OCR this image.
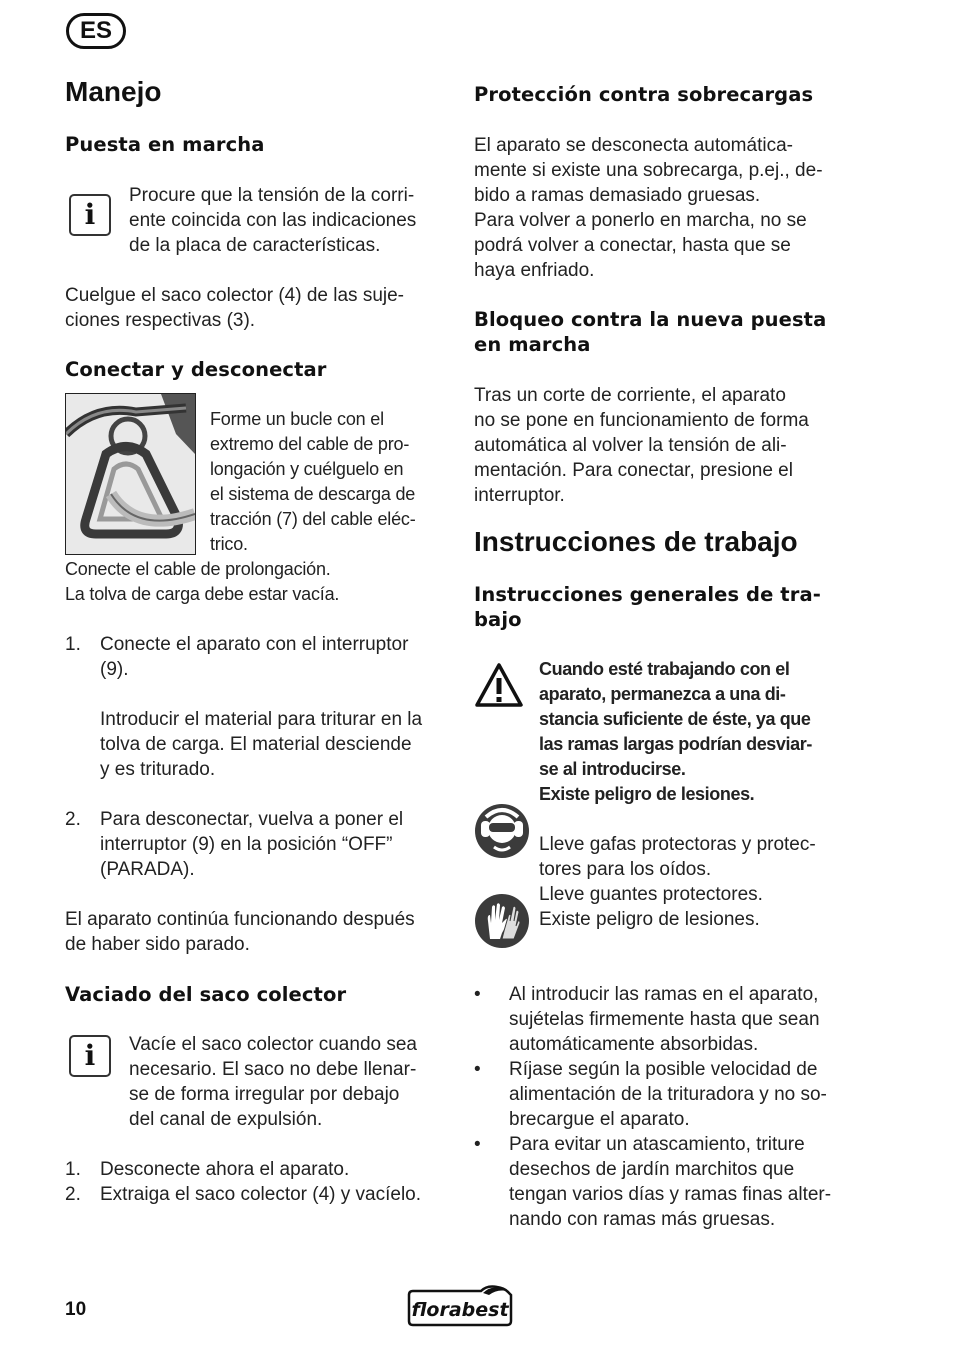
ES
Manejo
Puesta en marcha
i
Procure que la tensión de la corri-
ente coincida con las indicaciones
de la placa de características.
Cuelgue el saco colector (4) de las suje-
ciones respectivas (3).
Conectar y desconectar
Forme un bucle con el
extremo del cable de pro-
longación y cuélguelo en
el sistema de descarga de
tracción (7) del cable eléc-
trico.
Conecte el cable de prolongación.
La tolva de carga debe estar vacía.
1. Conecte el aparato con el interruptor
(9).
Introducir el material para triturar en la
tolva de carga. El material desciende
y es triturado.
2. Para desconectar, vuelva a poner el
interruptor (9) en la posición “OFF”
(PARADA).
El aparato continúa funcionando después
de haber sido parado.
Vaciado del saco colector
i	Vacíe el saco colector cuando sea
necesario. El saco no debe llenar-
se de forma irregular por debajo
del canal de expulsión.
1. Desconecte ahora el aparato.
2. Extraiga el saco colector (4) y vacíelo.
Protección contra sobrecargas
El aparato se desconecta automática-
mente si existe una sobrecarga, p.ej., de-
bido a ramas demasiado gruesas.
Para volver a ponerlo en marcha, no se
podrá volver a conectar, hasta que se
haya enfriado.
Bloqueo contra la nueva puesta
en marcha
Tras un corte de corriente, el aparato
no se pone en funcionamiento de forma
automática al volver la tensión de ali-
mentación. Para conectar, presione el
interruptor.
Instrucciones de trabajo
Instrucciones generales de tra-
bajo
Cuando esté trabajando con el
aparato, permanezca a una di-
stancia suficiente de éste, ya que
las ramas largas podrían desviar-
se al introducirse.
Existe peligro de lesiones.
Lleve gafas protectoras y protec-
tores para los oídos.
Lleve guantes protectores.
Existe peligro de lesiones.
• Al introducir las ramas en el aparato,
sujételas firmemente hasta que sean
automáticamente absorbidas.
• Ríjase según la posible velocidad de
alimentación de la trituradora y no so-
brecargue el aparato.
• Para evitar un atascamiento, triture
desechos de jardín marchitos que
tengan varios días y ramas finas alter-
nando con ramas más gruesas.
10	florabest
